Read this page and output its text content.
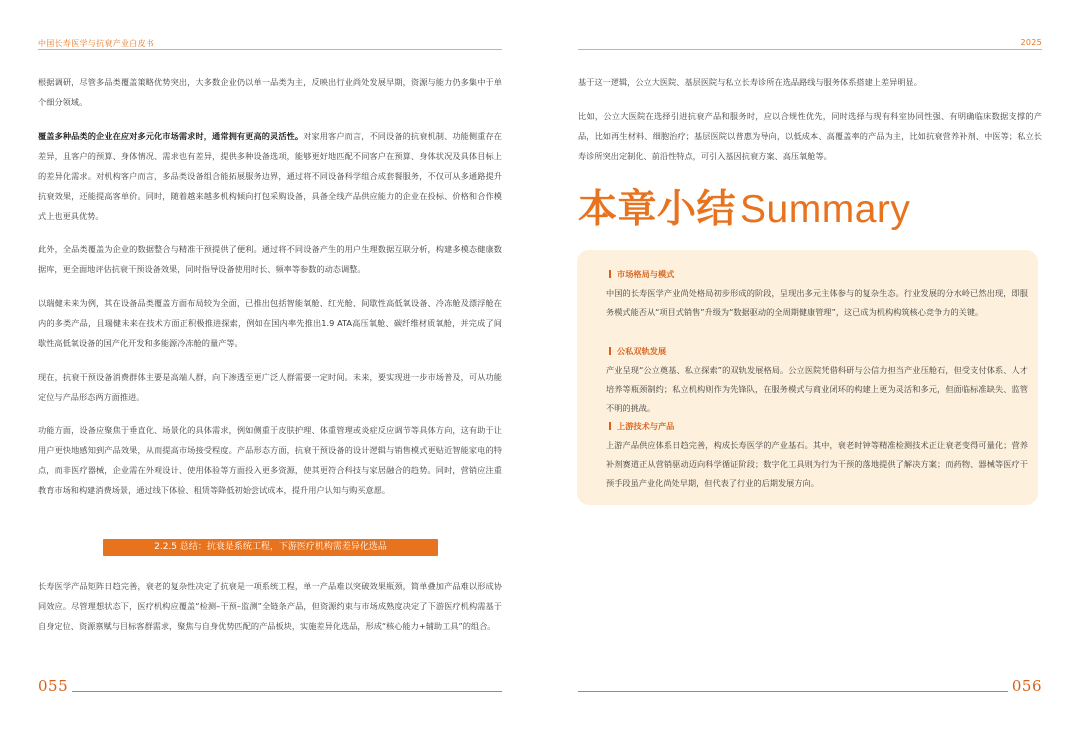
中国长寿医学与抗衰产业白皮书

根据调研，尽管多品类覆盖策略优势突出，大多数企业仍以单一品类为主，反映出行业尚处发展早期，资源与能力仍多集中于单个细分领域。

覆盖多种品类的企业在应对多元化市场需求时，通常拥有更高的灵活性。对家用客户而言，不同设备的抗衰机制、功能侧重存在差异，且客户的预算、身体情况、需求也有差异，提供多种设备选项，能够更好地匹配不同客户在预算、身体状况及具体目标上的差异化需求。对机构客户而言，多品类设备组合能拓展服务边界，通过将不同设备科学组合成套餐服务，不仅可从多通路提升抗衰效果，还能提高客单价。同时，随着越来越多机构倾向打包采购设备，具备全线产品供应能力的企业在投标、价格和合作模式上也更具优势。

此外，全品类覆盖为企业的数据整合与精准干预提供了便利。通过将不同设备产生的用户生理数据互联分析，构建多模态健康数据库，更全面地评估抗衰干预设备效果，同时指导设备使用时长、频率等参数的动态调整。

以瑞健未来为例，其在设备品类覆盖方面布局较为全面，已推出包括智能氧舱、红光舱、间歇性高低氧设备、冷冻舱及漂浮舱在内的多类产品，且瑞健未来在技术方面正积极推进探索，例如在国内率先推出1.9 ATA高压氧舱、碳纤维材质氧舱，并完成了间歇性高低氧设备的国产化开发和多能源冷冻舱的量产等。

现在，抗衰干预设备消费群体主要是高端人群，向下渗透至更广泛人群需要一定时间。未来，要实现进一步市场普及，可从功能定位与产品形态两方面推进。

功能方面，设备应聚焦于垂直化、场景化的具体需求，例如侧重于皮肤护理、体重管理或炎症反应调节等具体方向，这有助于让用户更快地感知到产品效果，从而提高市场接受程度。产品形态方面，抗衰干预设备的设计逻辑与销售模式更贴近智能家电的特点，而非医疗器械，企业需在外观设计、使用体验等方面投入更多资源，使其更符合科技与家居融合的趋势。同时，营销应注重教育市场和构建消费场景，通过线下体验、租赁等降低初始尝试成本，提升用户认知与购买意愿。

2.2.5 总结：抗衰是系统工程，下游医疗机构需差异化选品

长寿医学产品矩阵日趋完善，衰老的复杂性决定了抗衰是一项系统工程，单一产品难以突破效果瓶颈，简单叠加产品难以形成协同效应。尽管理想状态下，医疗机构应覆盖“检测–干预–监测”全链条产品，但资源约束与市场成熟度决定了下游医疗机构需基于自身定位、资源禀赋与目标客群需求，聚焦与自身优势匹配的产品板块，实施差异化选品，形成“核心能力+辅助工具”的组合。

055
2025

基于这一逻辑，公立大医院、基层医院与私立长寿诊所在选品路线与服务体系搭建上差异明显。

比如，公立大医院在选择引进抗衰产品和服务时，应以合规性优先，同时选择与现有科室协同性强、有明确临床数据支撑的产品，比如再生材料、细胞治疗；基层医院以普惠为导向，以低成本、高覆盖率的产品为主，比如抗衰营养补剂、中医等；私立长寿诊所突出定制化、前沿性特点，可引入基因抗衰方案、高压氧舱等。

本章小结 Summary
市场格局与模式

中国的长寿医学产业尚处格局初步形成的阶段，呈现出多元主体参与的复杂生态。行业发展的分水岭已然出现，即服务模式能否从“项目式销售”升级为“数据驱动的全周期健康管理”，这已成为机构构筑核心竞争力的关键。

公私双轨发展

产业呈现“公立奠基、私立探索”的双轨发展格局。公立医院凭借科研与公信力担当产业压舱石，但受支付体系、人才培养等瓶颈制约；私立机构则作为先锋队，在服务模式与商业闭环的构建上更为灵活和多元，但面临标准缺失、监管不明的挑战。

上游技术与产品

上游产品供应体系日趋完善，构成长寿医学的产业基石。其中，衰老时钟等精准检测技术正让衰老变得可量化；营养补剂赛道正从营销驱动迈向科学循证阶段；数字化工具则为行为干预的落地提供了解决方案；而药物、器械等医疗干预手段虽产业化尚处早期，但代表了行业的后期发展方向。

056
